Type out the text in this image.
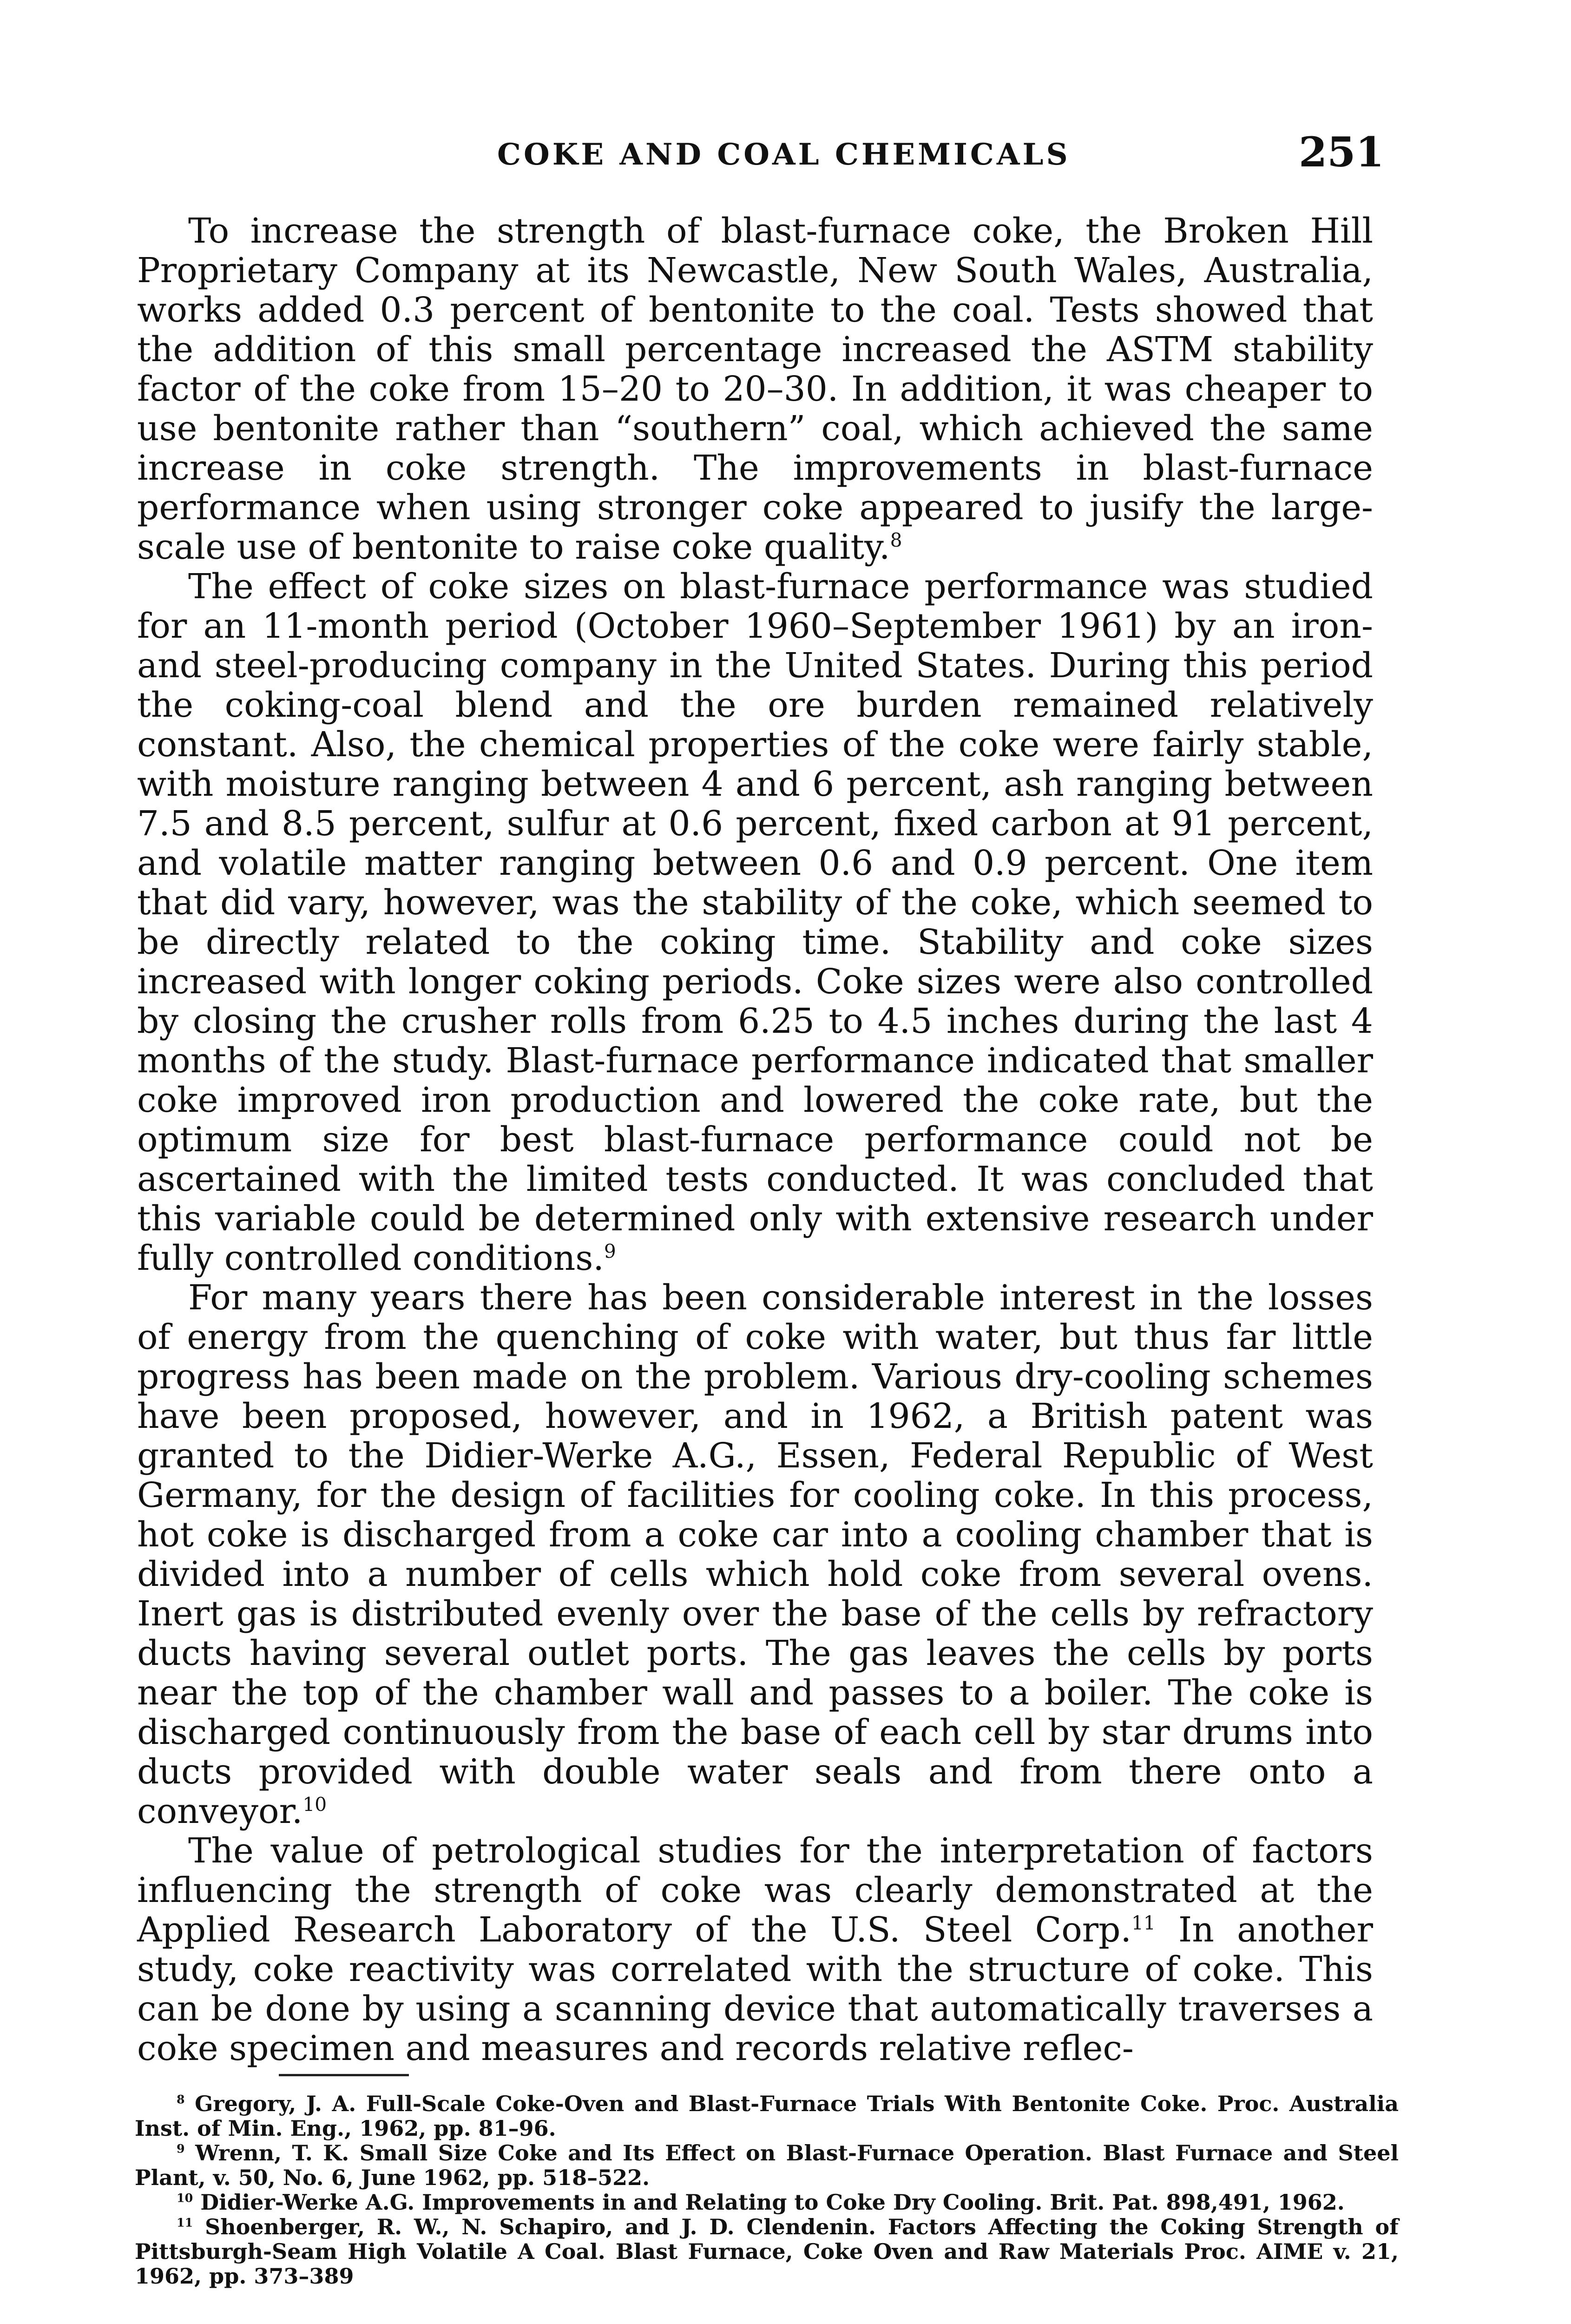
COKE AND COAL CHEMICALS	251

To increase the strength of blast-furnace coke, the Broken Hill Proprietary Company at its Newcastle, New South Wales, Australia, works added 0.3 percent of bentonite to the coal. Tests showed that the addition of this small percentage increased the ASTM stability factor of the coke from 15–20 to 20–30. In addition, it was cheaper to use bentonite rather than “southern” coal, which achieved the same increase in coke strength. The improvements in blast-furnace performance when using stronger coke appeared to jusify the large-scale use of bentonite to raise coke quality.$^8$

The effect of coke sizes on blast-furnace performance was studied for an 11-month period (October 1960–September 1961) by an iron- and steel-producing company in the United States. During this period the coking-coal blend and the ore burden remained relatively constant. Also, the chemical properties of the coke were fairly stable, with moisture ranging between 4 and 6 percent, ash ranging between 7.5 and 8.5 percent, sulfur at 0.6 percent, fixed carbon at 91 percent, and volatile matter ranging between 0.6 and 0.9 percent. One item that did vary, however, was the stability of the coke, which seemed to be directly related to the coking time. Stability and coke sizes increased with longer coking periods. Coke sizes were also controlled by closing the crusher rolls from 6.25 to 4.5 inches during the last 4 months of the study. Blast-furnace performance indicated that smaller coke improved iron production and lowered the coke rate, but the optimum size for best blast-furnace performance could not be ascertained with the limited tests conducted. It was concluded that this variable could be determined only with extensive research under fully controlled conditions.$^9$

For many years there has been considerable interest in the losses of energy from the quenching of coke with water, but thus far little progress has been made on the problem. Various dry-cooling schemes have been proposed, however, and in 1962, a British patent was granted to the Didier-Werke A.G., Essen, Federal Republic of West Germany, for the design of facilities for cooling coke. In this process, hot coke is discharged from a coke car into a cooling chamber that is divided into a number of cells which hold coke from several ovens. Inert gas is distributed evenly over the base of the cells by refractory ducts having several outlet ports. The gas leaves the cells by ports near the top of the chamber wall and passes to a boiler. The coke is discharged continuously from the base of each cell by star drums into ducts provided with double water seals and from there onto a conveyor.$^{10}$

The value of petrological studies for the interpretation of factors influencing the strength of coke was clearly demonstrated at the Applied Research Laboratory of the U.S. Steel Corp.$^{11}$ In another study, coke reactivity was correlated with the structure of coke. This can be done by using a scanning device that automatically traverses a coke specimen and measures and records relative reflec-

$^8$ Gregory, J. A. Full-Scale Coke-Oven and Blast-Furnace Trials With Bentonite Coke. Proc. Australia Inst. of Min. Eng., 1962, pp. 81–96.

$^9$ Wrenn, T. K. Small Size Coke and Its Effect on Blast-Furnace Operation. Blast Furnace and Steel Plant, v. 50, No. 6, June 1962, pp. 518–522.

$^{10}$ Didier-Werke A.G. Improvements in and Relating to Coke Dry Cooling. Brit. Pat. 898,491, 1962.

$^{11}$ Shoenberger, R. W., N. Schapiro, and J. D. Clendenin. Factors Affecting the Coking Strength of Pittsburgh-Seam High Volatile A Coal. Blast Furnace, Coke Oven and Raw Materials Proc. AIME v. 21, 1962, pp. 373–389
